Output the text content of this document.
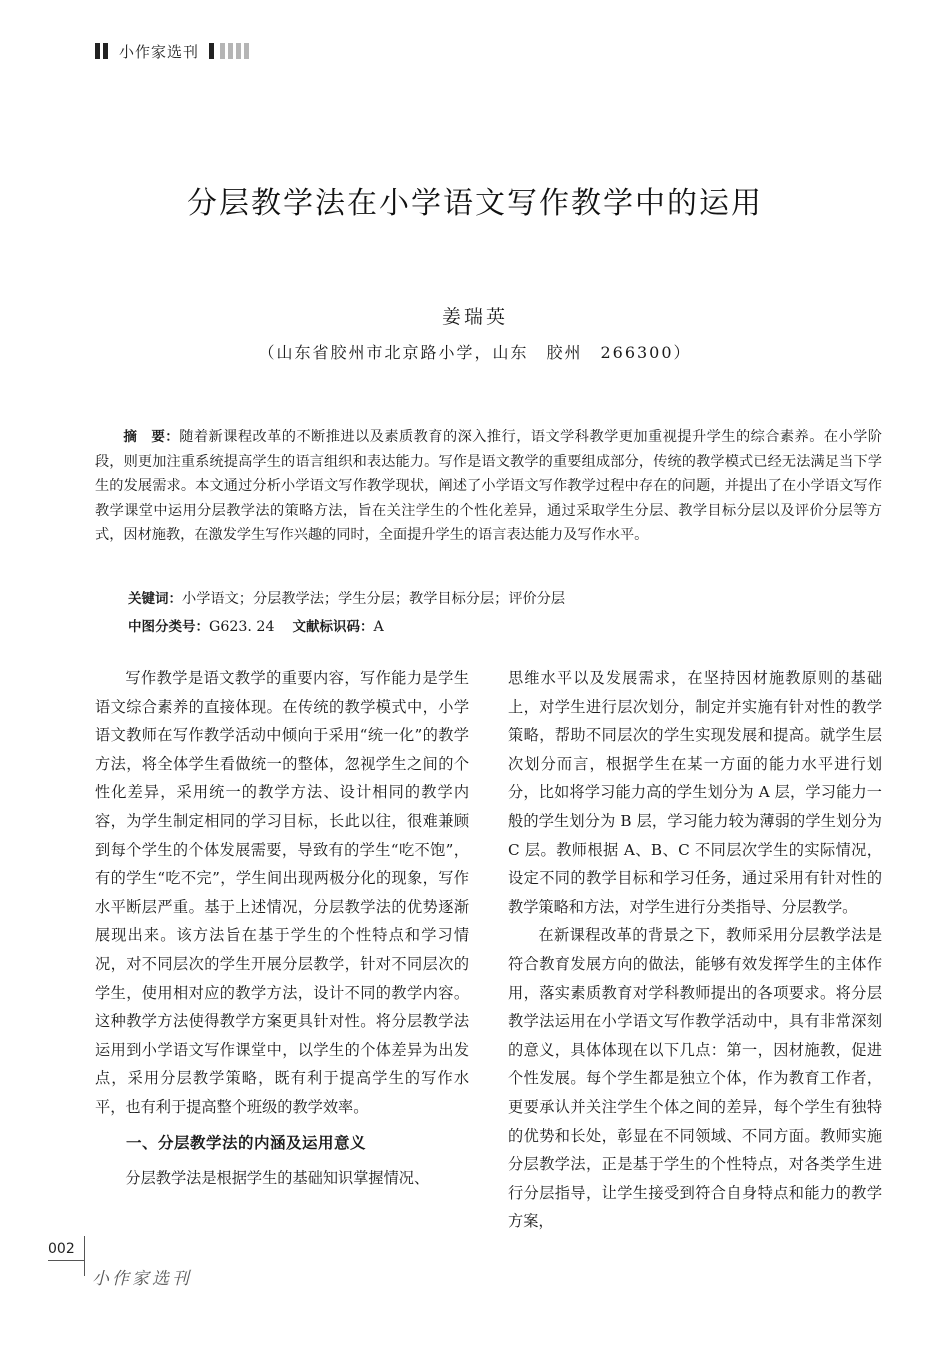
小作家选刊
分层教学法在小学语文写作教学中的运用
姜瑞英
（山东省胶州市北京路小学，山东　胶州　266300）

摘　要：随着新课程改革的不断推进以及素质教育的深入推行，语文学科教学更加重视提升学生的综合素养。在小学阶段，则更加注重系统提高学生的语言组织和表达能力。写作是语文教学的重要组成部分，传统的教学模式已经无法满足当下学生的发展需求。本文通过分析小学语文写作教学现状，阐述了小学语文写作教学过程中存在的问题，并提出了在小学语文写作教学课堂中运用分层教学法的策略方法，旨在关注学生的个性化差异，通过采取学生分层、教学目标分层以及评价分层等方式，因材施教，在激发学生写作兴趣的同时，全面提升学生的语言表达能力及写作水平。

关键词：小学语文；分层教学法；学生分层；教学目标分层；评价分层
中图分类号：G623. 24 文献标识码：A

写作教学是语文教学的重要内容，写作能力是学生语文综合素养的直接体现。在传统的教学模式中，小学语文教师在写作教学活动中倾向于采用“统一化”的教学方法，将全体学生看做统一的整体，忽视学生之间的个性化差异，采用统一的教学方法、设计相同的教学内容，为学生制定相同的学习目标，长此以往，很难兼顾到每个学生的个体发展需要，导致有的学生“吃不饱”，有的学生“吃不完”，学生间出现两极分化的现象，写作水平断层严重。基于上述情况，分层教学法的优势逐渐展现出来。该方法旨在基于学生的个性特点和学习情况，对不同层次的学生开展分层教学，针对不同层次的学生，使用相对应的教学方法，设计不同的教学内容。这种教学方法使得教学方案更具针对性。将分层教学法运用到小学语文写作课堂中，以学生的个体差异为出发点，采用分层教学策略，既有利于提高学生的写作水平，也有利于提高整个班级的教学效率。

一、分层教学法的内涵及运用意义

分层教学法是根据学生的基础知识掌握情况、

思维水平以及发展需求，在坚持因材施教原则的基础上，对学生进行层次划分，制定并实施有针对性的教学策略，帮助不同层次的学生实现发展和提高。就学生层次划分而言，根据学生在某一方面的能力水平进行划分，比如将学习能力高的学生划分为 A 层，学习能力一般的学生划分为 B 层，学习能力较为薄弱的学生划分为 C 层。教师根据 A、B、C 不同层次学生的实际情况，设定不同的教学目标和学习任务，通过采用有针对性的教学策略和方法，对学生进行分类指导、分层教学。

在新课程改革的背景之下，教师采用分层教学法是符合教育发展方向的做法，能够有效发挥学生的主体作用，落实素质教育对学科教师提出的各项要求。将分层教学法运用在小学语文写作教学活动中，具有非常深刻的意义，具体体现在以下几点：第一，因材施教，促进个性发展。每个学生都是独立个体，作为教育工作者，更要承认并关注学生个体之间的差异，每个学生有独特的优势和长处，彰显在不同领域、不同方面。教师实施分层教学法，正是基于学生的个性特点，对各类学生进行分层指导，让学生接受到符合自身特点和能力的教学方案，

002
小作家选刊
